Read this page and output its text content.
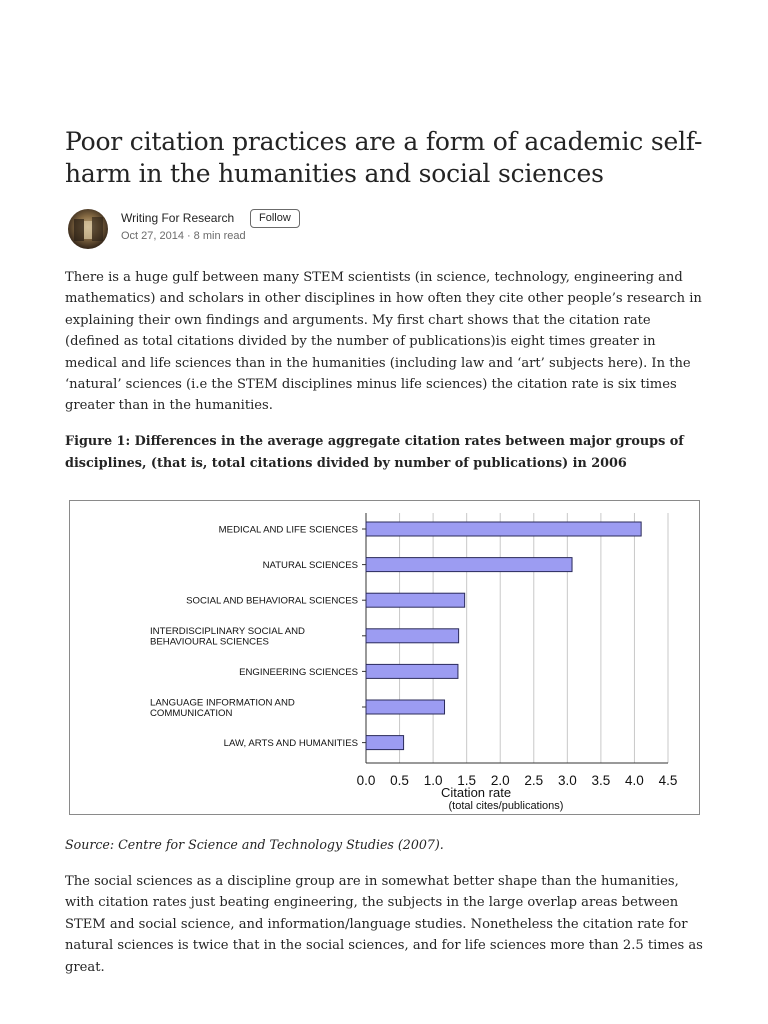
Poor citation practices are a form of academic self-harm in the humanities and social sciences
Writing For Research	Follow
Oct 27, 2014 · 8 min read

There is a huge gulf between many STEM scientists (in science, technology, engineering and mathematics) and scholars in other disciplines in how often they cite other people’s research in explaining their own findings and arguments. My first chart shows that the citation rate (defined as total citations divided by the number of publications)is eight times greater in medical and life sciences than in the humanities (including law and ‘art’ subjects here). In the ‘natural’ sciences (i.e the STEM disciplines minus life sciences) the citation rate is six times greater than in the humanities.

Figure 1: Differences in the average aggregate citation rates between major groups of disciplines, (that is, total citations divided by number of publications) in 2006

MEDICAL AND LIFE SCIENCES
NATURAL SCIENCES
SOCIAL AND BEHAVIORAL SCIENCES
INTERDISCIPLINARY SOCIAL AND
BEHAVIOURAL SCIENCES
ENGINEERING SCIENCES
LANGUAGE INFORMATION AND
COMMUNICATION
LAW, ARTS AND HUMANITIES
0.0 0.5 1.0 1.5 2.0 2.5 3.0 3.5 4.0 4.5
Citation rate
(total cites/publications)

Source: Centre for Science and Technology Studies (2007).

The social sciences as a discipline group are in somewhat better shape than the humanities, with citation rates just beating engineering, the subjects in the large overlap areas between STEM and social science, and information/language studies. Nonetheless the citation rate for natural sciences is twice that in the social sciences, and for life sciences more than 2.5 times as great.
